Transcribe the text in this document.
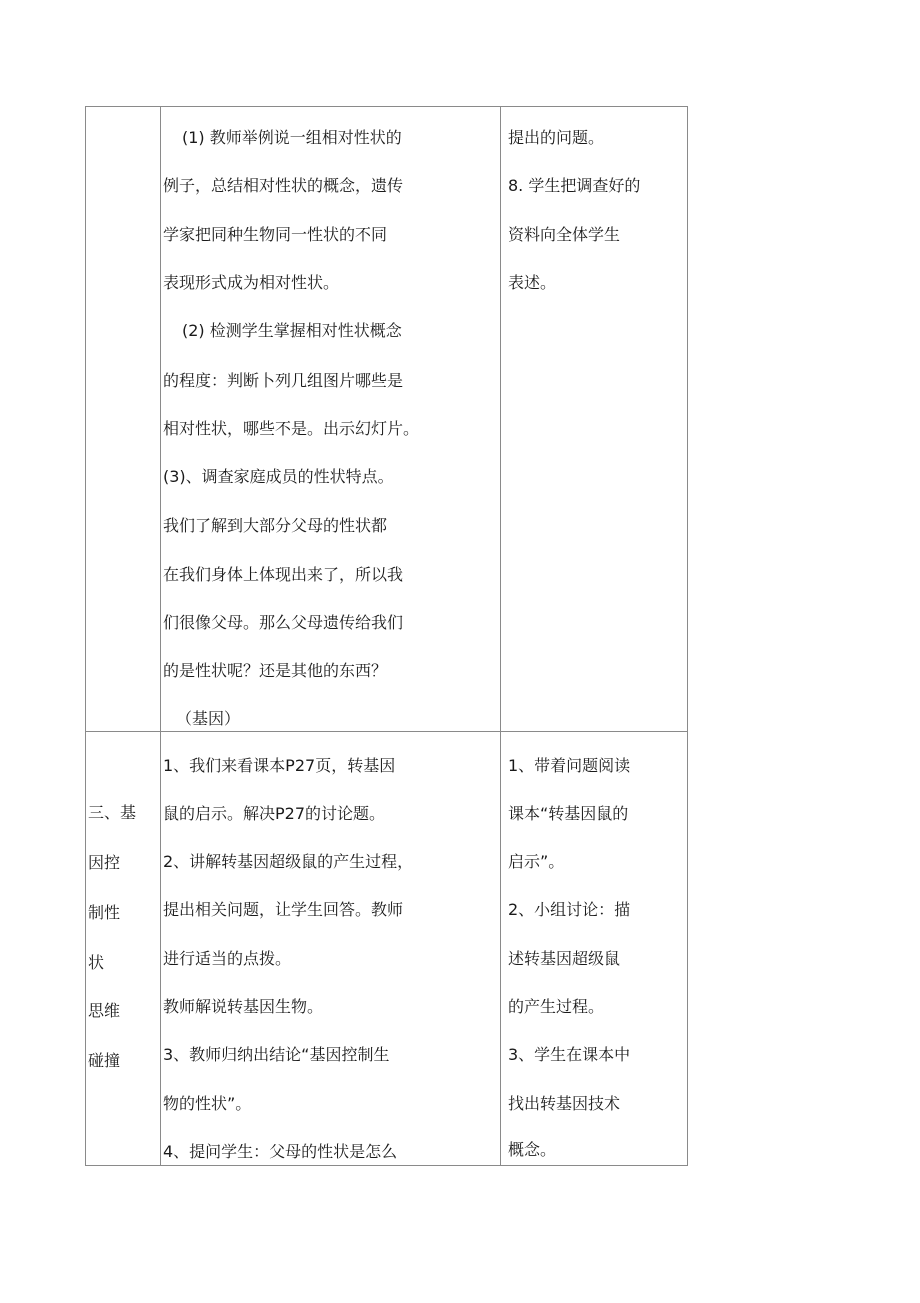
(1) 教师举例说一组相对性状的
例子，总结相对性状的概念，遗传
学家把同种生物同一性状的不同
表现形式成为相对性状。
(2) 检测学生掌握相对性状概念
的程度：判断卜列几组图片哪些是
相对性状，哪些不是。出示幻灯片。
(3)、调查家庭成员的性状特点。
我们了解到大部分父母的性状都
在我们身体上体现出来了，所以我
们很像父母。那么父母遗传给我们
的是性状呢？还是其他的东西？
（基因）
提出的问题。
8. 学生把调查好的
资料向全体学生
表述。
三、基
因控
制性
状
思维
碰撞
1、我们来看课本P27页，转基因
鼠的启示。解决P27的讨论题。
2、讲解转基因超级鼠的产生过程，
提出相关问题，让学生回答。教师
进行适当的点拨。
教师解说转基因生物。
3、教师归纳出结论“基因控制生
物的性状”。
4、提问学生：父母的性状是怎么
1、带着问题阅读
课本“转基因鼠的
启示”。
2、小组讨论：描
述转基因超级鼠
的产生过程。
3、学生在课本中
找出转基因技术
概念。
